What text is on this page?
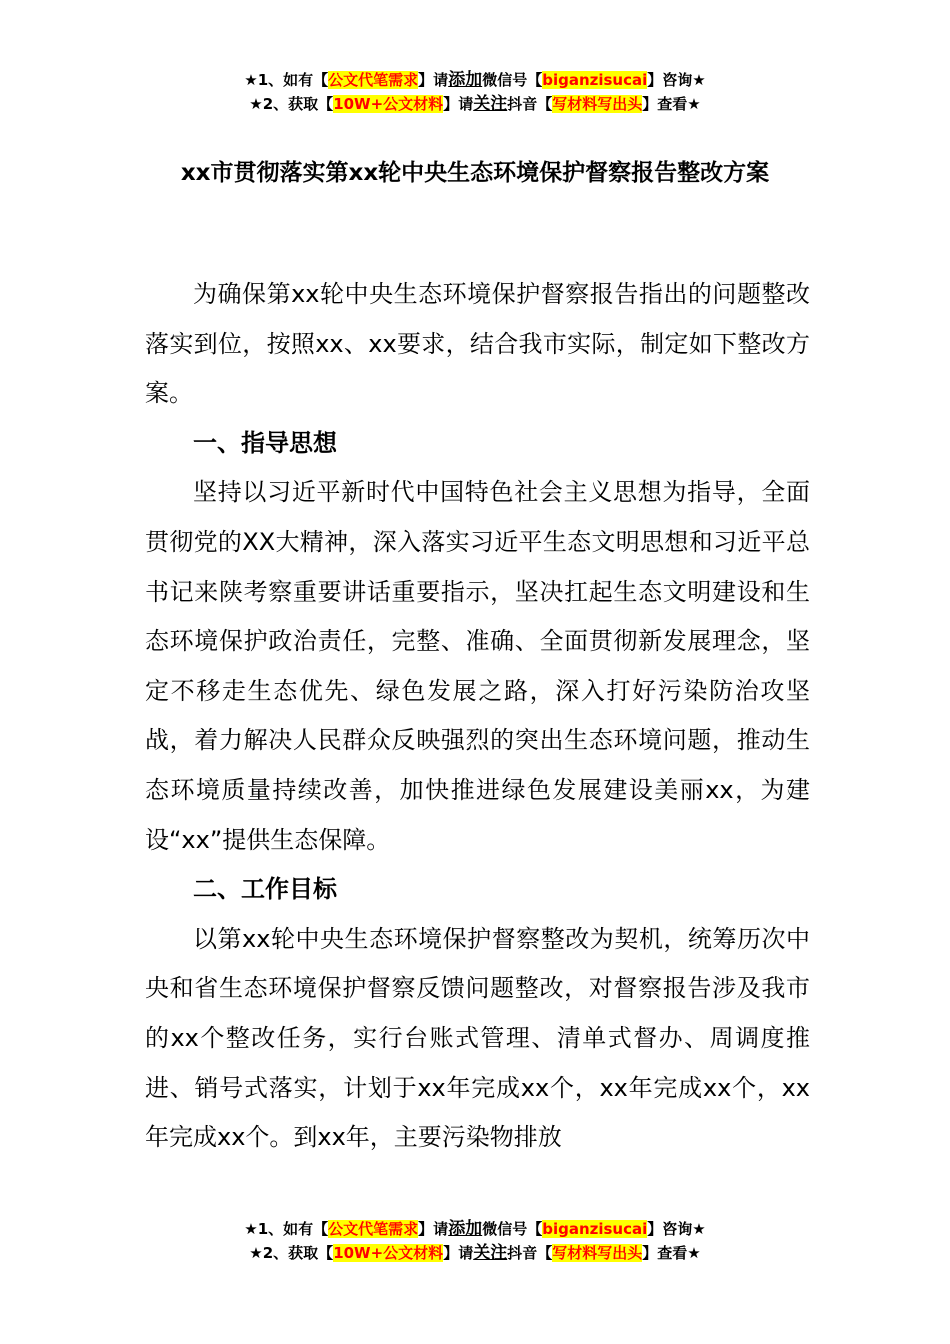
★1、如有【公文代笔需求】请添加微信号【biganzisucai】咨询★
★2、获取【10W+公文材料】请关注抖音【写材料写出头】查看★
xx市贯彻落实第xx轮中央生态环境保护督察报告整改方案

为确保第xx轮中央生态环境保护督察报告指出的问题整改落实到位，按照xx、xx要求，结合我市实际，制定如下整改方案。

一、指导思想

坚持以习近平新时代中国特色社会主义思想为指导，全面贯彻党的XX大精神，深入落实习近平生态文明思想和习近平总书记来陕考察重要讲话重要指示，坚决扛起生态文明建设和生态环境保护政治责任，完整、准确、全面贯彻新发展理念，坚定不移走生态优先、绿色发展之路，深入打好污染防治攻坚战，着力解决人民群众反映强烈的突出生态环境问题，推动生态环境质量持续改善，加快推进绿色发展建设美丽xx，为建设“xx”提供生态保障。

二、工作目标

以第xx轮中央生态环境保护督察整改为契机，统筹历次中央和省生态环境保护督察反馈问题整改，对督察报告涉及我市的xx个整改任务，实行台账式管理、清单式督办、周调度推进、销号式落实，计划于xx年完成xx个，xx年完成xx个，xx年完成xx个。到xx年，主要污染物排放

★1、如有【公文代笔需求】请添加微信号【biganzisucai】咨询★
★2、获取【10W+公文材料】请关注抖音【写材料写出头】查看★
